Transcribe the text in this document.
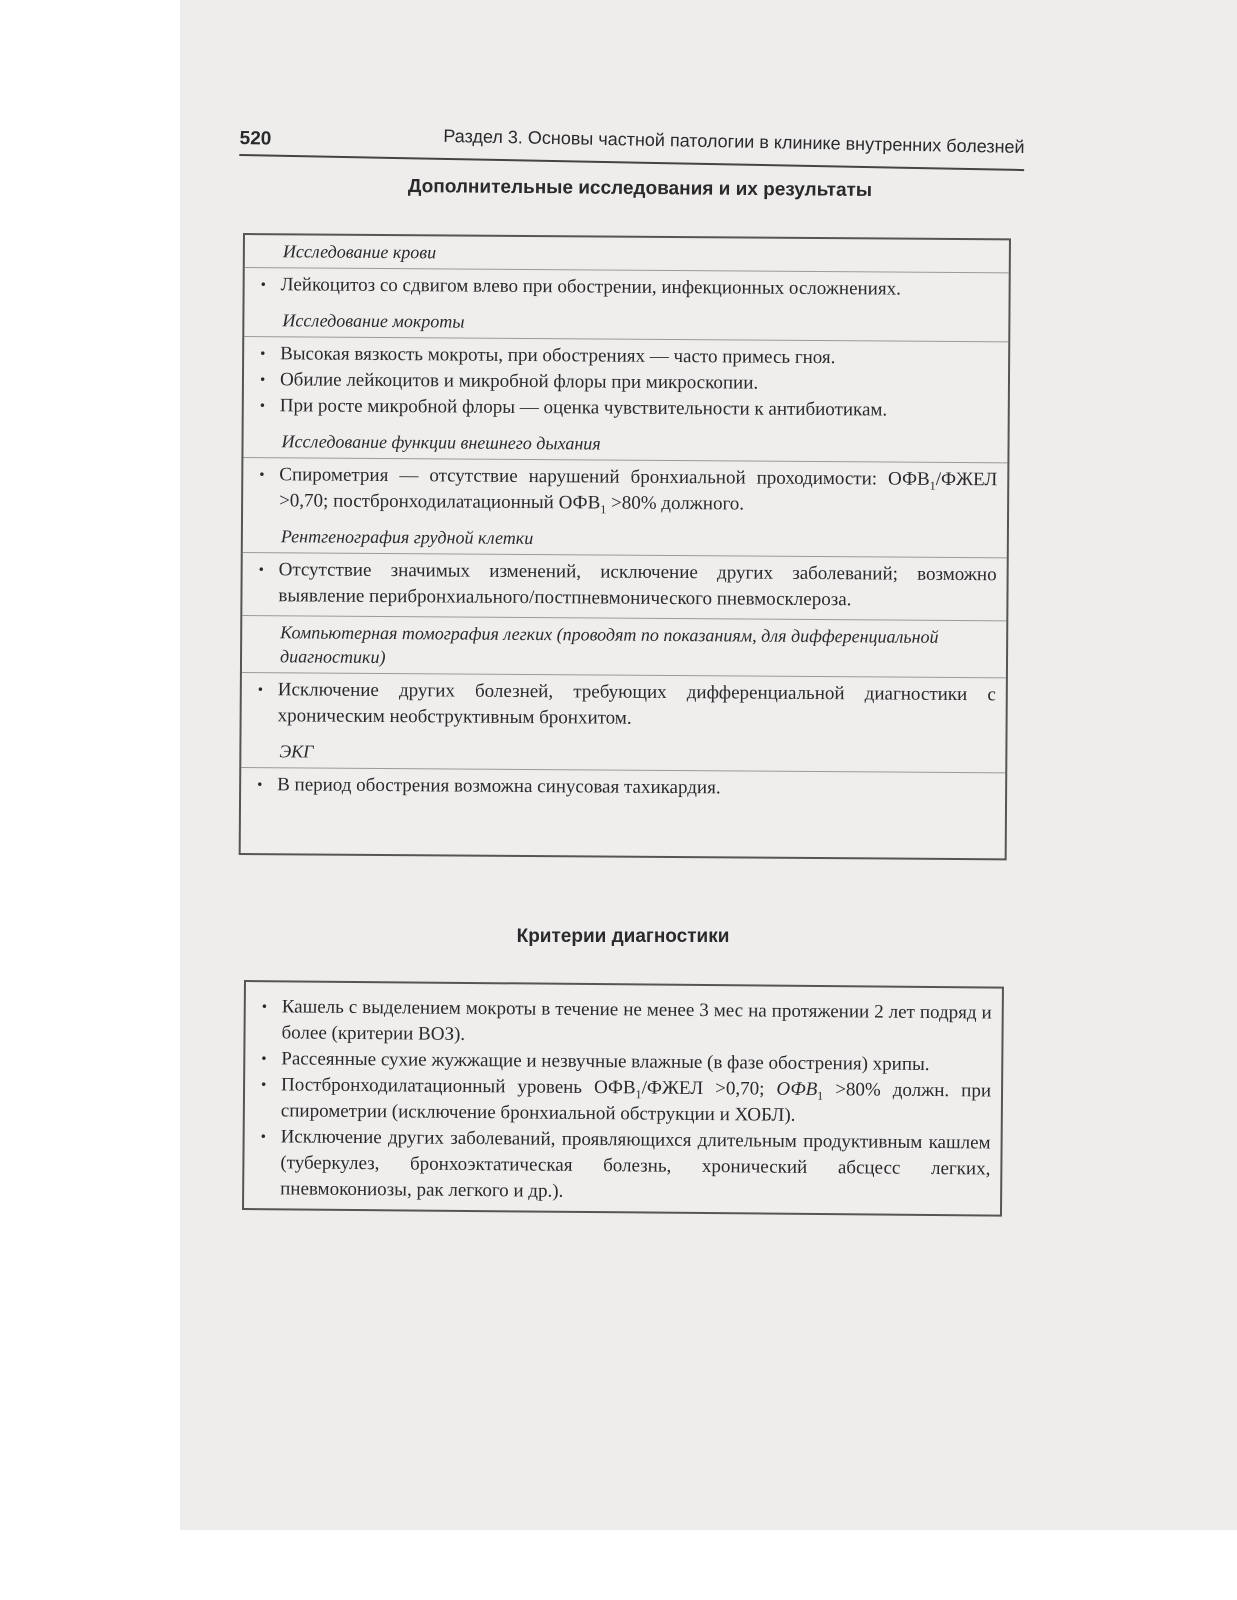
520	Раздел 3. Основы частной патологии в клинике внутренних болезней
Дополнительные исследования и их результаты

Исследование крови

• Лейкоцитоз со сдвигом влево при обострении, инфекционных осложнениях.

Исследование мокроты

• Высокая вязкость мокроты, при обострениях — часто примесь гноя.
• Обилие лейкоцитов и микробной флоры при микроскопии.
• При росте микробной флоры — оценка чувствительности к антибиотикам.

Исследование функции внешнего дыхания

• Спирометрия — отсутствие нарушений бронхиальной проходимости: $ОФВ_1$/ФЖЕЛ >0,70; постбронходилатационный $ОФВ_1 >80\%$ должного.

Рентгенография грудной клетки

• Отсутствие значимых изменений, исключение других заболеваний; возможно выявление перибронхиального/постпневмонического пневмосклероза.

Компьютерная томография легких (проводят по показаниям, для дифференциальной диагностики)

• Исключение других болезней, требующих дифференциальной диагностики с хроническим необструктивным бронхитом.

ЭКГ

• В период обострения возможна синусовая тахикардия.
Критерии диагностики
• Кашель с выделением мокроты в течение не менее 3 мес на протяжении 2 лет подряд и более (критерии ВОЗ).
• Рассеянные сухие жужжащие и незвучные влажные (в фазе обострения) хрипы.
• Постбронходилатационный уровень $ОФВ_1$/ФЖЕЛ >0,70; $ОФВ_1 >80\%$ должн. при спирометрии (исключение бронхиальной обструкции и ХОБЛ).
• Исключение других заболеваний, проявляющихся длительным продуктивным кашлем (туберкулез, бронхоэктатическая болезнь, хронический абсцесс легких, пневмокониозы, рак легкого и др.).
